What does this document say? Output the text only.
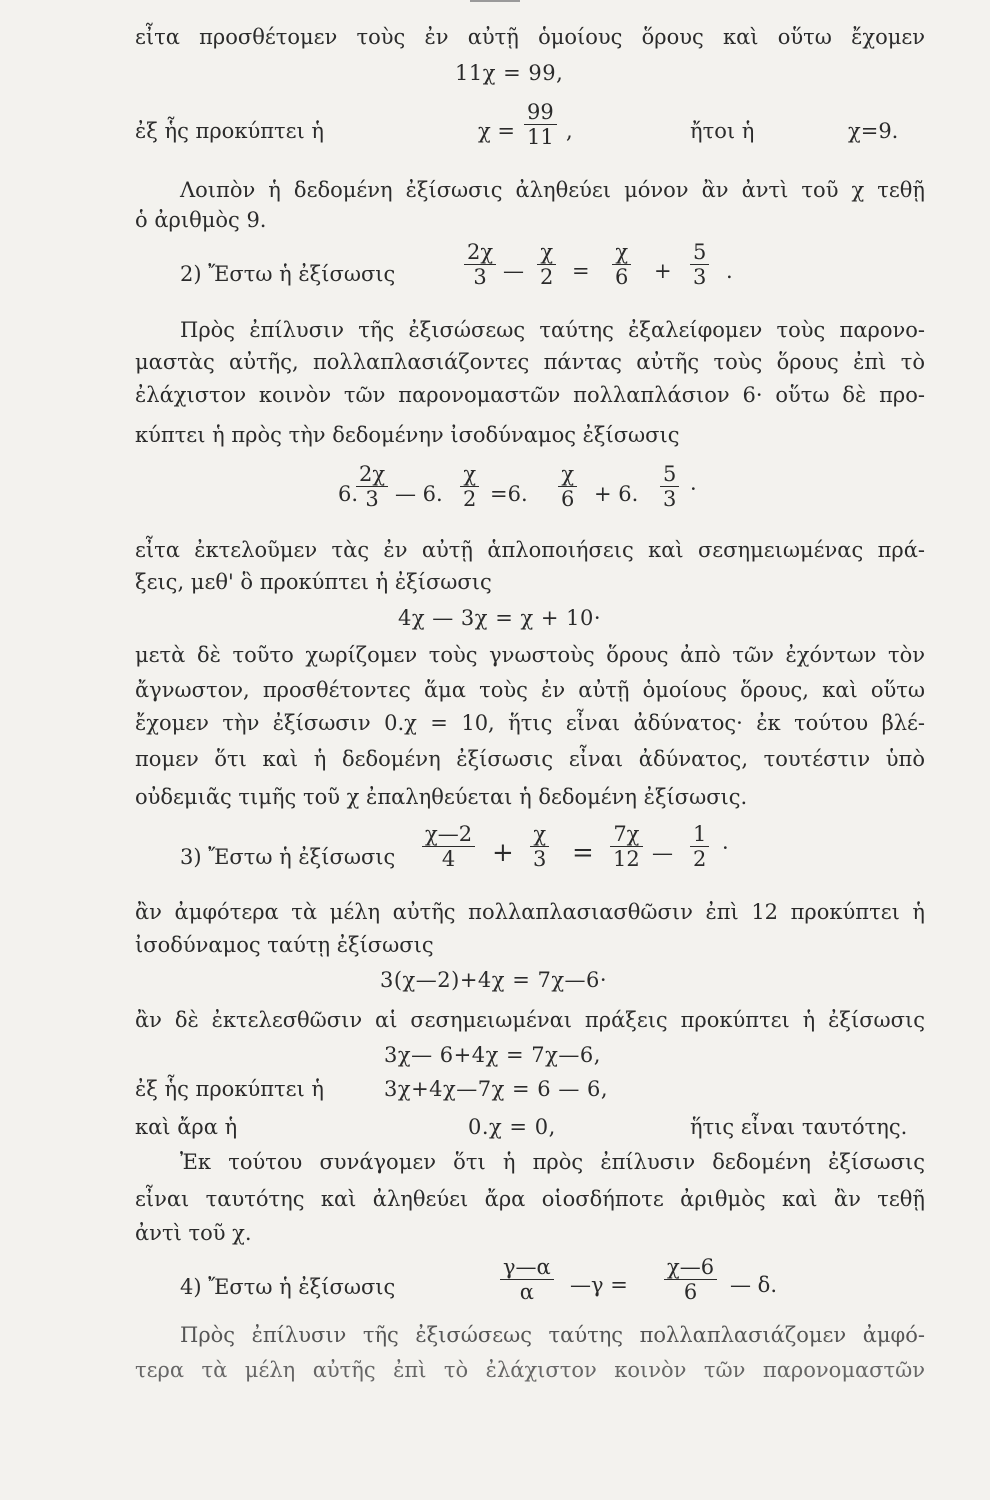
εἶτα προσθέτομεν τοὺς ἐν αὐτῇ ὁμοίους ὅρους καὶ οὕτω ἔχομεν
11χ = 99,
ἐξ ἧς προκύπτει ἡ	$\chi = \frac{99}{11}$ ,	ἤτοι ἡ	χ=9.
Λοιπὸν ἡ δεδομένη ἐξίσωσις ἀληθεύει μόνον ἂν ἀντὶ τοῦ χ τεθῇ
ὁ ἀριθμὸς 9.
2) Ἔστω ἡ ἐξίσωσις	$\frac{2\chi}{3}$ — $\frac{\chi}{2} = \frac{\chi}{6} + \frac{5}{3}$ .
Πρὸς ἐπίλυσιν τῆς ἐξισώσεως ταύτης ἐξαλείφομεν τοὺς παρονο-
μαστὰς αὐτῆς, πολλαπλασιάζοντες πάντας αὐτῆς τοὺς ὅρους ἐπὶ τὸ
ἐλάχιστον κοινὸν τῶν παρονομαστῶν πολλαπλάσιον 6· οὕτω δὲ προ-
κύπτει ἡ πρὸς τὴν δεδομένην ἰσοδύναμος ἐξίσωσις
6.
$\frac{2\chi}{3}$ — 6. $\frac{\chi}{2} =6$. $\frac{\chi}{6} + 6$. $\frac{5}{3}$ ·
εἶτα ἐκτελοῦμεν τὰς ἐν αὐτῇ ἁπλοποιήσεις καὶ σεσημειωμένας πρά-
ξεις, μεθ' ὃ προκύπτει ἡ ἐξίσωσις
4χ — 3χ = χ + 10·
μετὰ δὲ τοῦτο χωρίζομεν τοὺς γνωστοὺς ὅρους ἀπὸ τῶν ἐχόντων τὸν
ἄγνωστον, προσθέτοντες ἅμα τοὺς ἐν αὐτῇ ὁμοίους ὅρους, καὶ οὕτω
ἔχομεν τὴν ἐξίσωσιν 0.χ = 10, ἥτις εἶναι ἀδύνατος· ἐκ τούτου βλέ-
πομεν ὅτι καὶ ἡ δεδομένη ἐξίσωσις εἶναι ἀδύνατος, τουτέστιν ὑπὸ
οὐδεμιᾶς τιμῆς τοῦ χ ἐπαληθεύεται ἡ δεδομένη ἐξίσωσις.
3) Ἔστω ἡ ἐξίσωσις $\frac{\chi—2}{4} + \frac{\chi}{3} = \frac{7\chi}{12}$ — $\frac{1}{2}$ ·
ἂν ἀμφότερα τὰ μέλη αὐτῆς πολλαπλασιασθῶσιν ἐπὶ 12 προκύπτει ἡ
ἰσοδύναμος ταύτῃ ἐξίσωσις
3(χ—2)+4χ = 7χ—6·
ἂν δὲ ἐκτελεσθῶσιν αἱ σεσημειωμέναι πράξεις προκύπτει ἡ ἐξίσωσις
3χ— 6+4χ = 7χ—6,
ἐξ ἧς προκύπτει ἡ	3χ+4χ—7χ = 6 — 6,
καὶ ἄρα ἡ	0.χ = 0,	ἥτις εἶναι ταυτότης.
Ἐκ τούτου συνάγομεν ὅτι ἡ πρὸς ἐπίλυσιν δεδομένη ἐξίσωσις
εἶναι ταυτότης καὶ ἀληθεύει ἄρα οἱοσδήποτε ἀριθμὸς καὶ ἂν τεθῇ
ἀντὶ τοῦ χ.
4) Ἔστω ἡ ἐξίσωσις	$\frac{\gamma—\alpha}{\alpha}$ —γ = $\frac{\chi—6}{6}$ — δ.
Πρὸς ἐπίλυσιν τῆς ἐξισώσεως ταύτης πολλαπλασιάζομεν ἀμφό-
τερα τὰ μέλη αὐτῆς ἐπὶ τὸ ἐλάχιστον κοινὸν τῶν παρονομαστῶν
